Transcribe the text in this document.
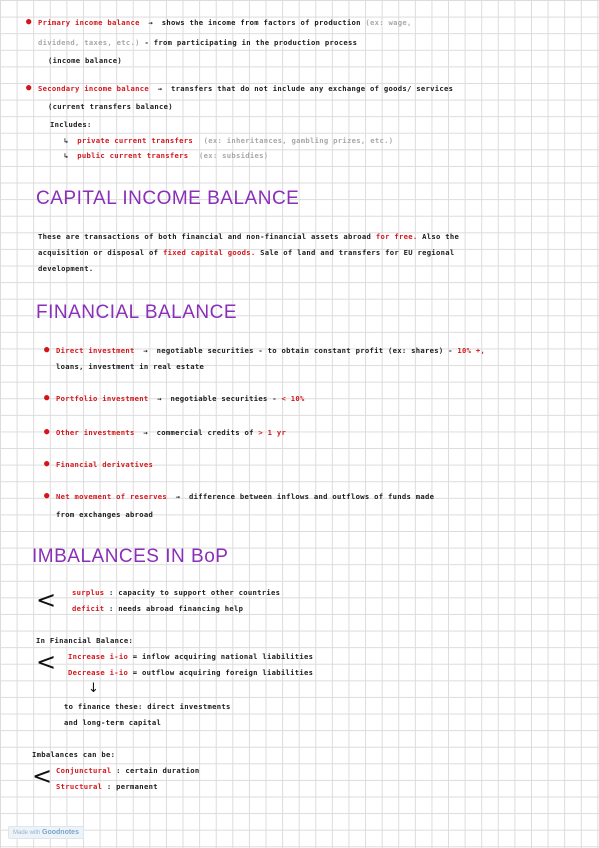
● Primary income balance → shows the income from factors of production (ex: wage,
dividend, taxes, etc.) - from participating in the production process
(income balance)
● Secondary income balance → transfers that do not include any exchange of goods/ services
(current transfers balance)
Includes:
↳ private current transfers (ex: inheritances, gambling prizes, etc.)
↳ public current transfers (ex: subsidies)
CAPITAL INCOME BALANCE
These are transactions of both financial and non-financial assets abroad for free. Also the
acquisition or disposal of fixed capital goods. Sale of land and transfers for EU regional
development.
FINANCIAL BALANCE
● Direct investment → negotiable securities - to obtain constant profit (ex: shares) - 10% +,
loans, investment in real estate
● Portfolio investment → negotiable securities - < 10%
● Other investments → commercial credits of > 1 yr
● Financial derivatives
● Net movement of reserves → difference between inflows and outflows of funds made
from exchanges abroad
IMBALANCES IN BoP
< surplus : capacity to support other countries
deficit : needs abroad financing help
In Financial Balance:
< Increase i-io = inflow acquiring national liabilities
Decrease i-io = outflow acquiring foreign liabilities
↓
to finance these: direct investments
and long-term capital
Imbalances can be:
< Conjunctural : certain duration
Structural : permanent
Made with Goodnotes
